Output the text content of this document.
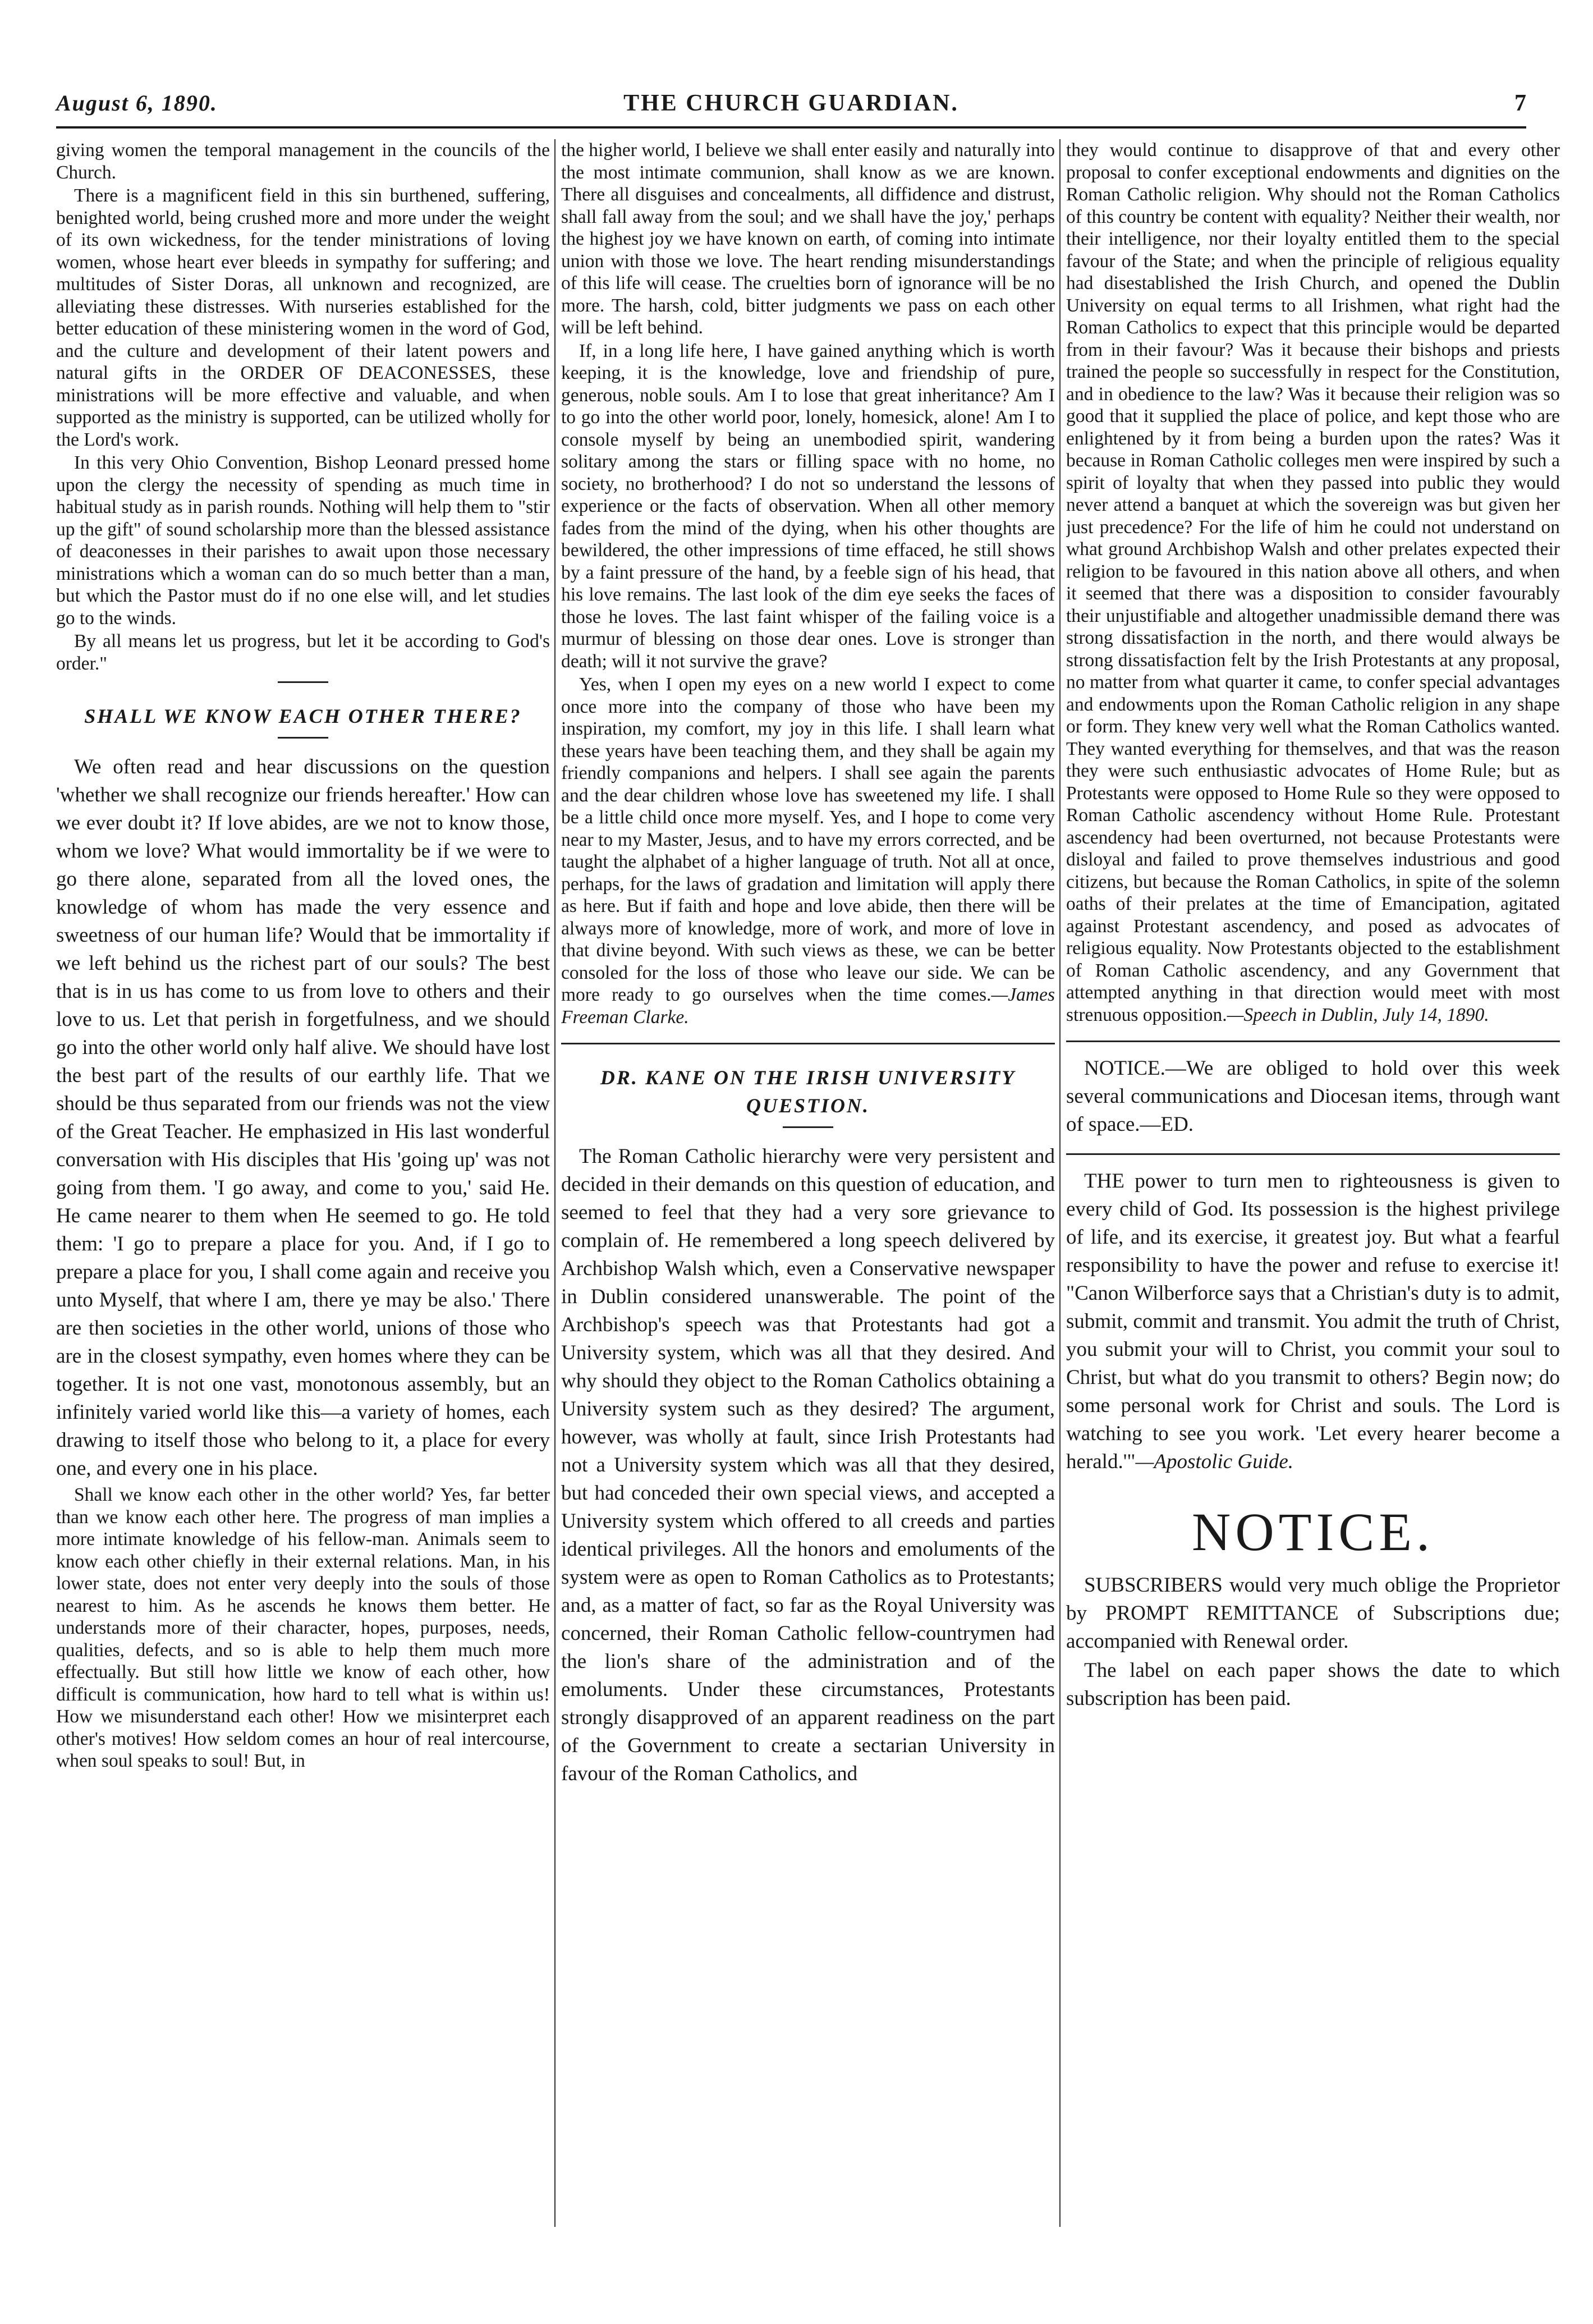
August 6, 1890.	THE CHURCH GUARDIAN.	7

giving women the temporal management in the councils of the Church.

There is a magnificent field in this sin burthened, suffering, benighted world, being crushed more and more under the weight of its own wickedness, for the tender ministrations of loving women, whose heart ever bleeds in sympathy for suffering; and multitudes of Sister Doras, all unknown and recognized, are alleviating these distresses. With nurseries established for the better education of these ministering women in the word of God, and the culture and development of their latent powers and natural gifts in the ORDER OF DEACONESSES, these ministrations will be more effective and valuable, and when supported as the ministry is supported, can be utilized wholly for the Lord's work.

In this very Ohio Convention, Bishop Leonard pressed home upon the clergy the necessity of spending as much time in habitual study as in parish rounds. Nothing will help them to "stir up the gift" of sound scholarship more than the blessed assistance of deaconesses in their parishes to await upon those necessary ministrations which a woman can do so much better than a man, but which the Pastor must do if no one else will, and let studies go to the winds.

By all means let us progress, but let it be according to God's order."

SHALL WE KNOW EACH OTHER THERE?

We often read and hear discussions on the question 'whether we shall recognize our friends hereafter.' How can we ever doubt it? If love abides, are we not to know those, whom we love? What would immortality be if we were to go there alone, separated from all the loved ones, the knowledge of whom has made the very essence and sweetness of our human life? Would that be immortality if we left behind us the richest part of our souls? The best that is in us has come to us from love to others and their love to us. Let that perish in forgetfulness, and we should go into the other world only half alive. We should have lost the best part of the results of our earthly life. That we should be thus separated from our friends was not the view of the Great Teacher. He emphasized in His last wonderful conversation with His disciples that His 'going up' was not going from them. 'I go away, and come to you,' said He. He came nearer to them when He seemed to go. He told them: 'I go to prepare a place for you. And, if I go to prepare a place for you, I shall come again and receive you unto Myself, that where I am, there ye may be also.' There are then societies in the other world, unions of those who are in the closest sympathy, even homes where they can be together. It is not one vast, monotonous assembly, but an infinitely varied world like this—a variety of homes, each drawing to itself those who belong to it, a place for every one, and every one in his place.

Shall we know each other in the other world? Yes, far better than we know each other here. The progress of man implies a more intimate knowledge of his fellow-man. Animals seem to know each other chiefly in their external relations. Man, in his lower state, does not enter very deeply into the souls of those nearest to him. As he ascends he knows them better. He understands more of their character, hopes, purposes, needs, qualities, defects, and so is able to help them much more effectually. But still how little we know of each other, how difficult is communication, how hard to tell what is within us! How we misunderstand each other! How we misinterpret each other's motives! How seldom comes an hour of real intercourse, when soul speaks to soul! But, in

the higher world, I believe we shall enter easily and naturally into the most intimate communion, shall know as we are known. There all disguises and concealments, all diffidence and distrust, shall fall away from the soul; and we shall have the joy,' perhaps the highest joy we have known on earth, of coming into intimate union with those we love. The heart rending misunderstandings of this life will cease. The cruelties born of ignorance will be no more. The harsh, cold, bitter judgments we pass on each other will be left behind.

If, in a long life here, I have gained anything which is worth keeping, it is the knowledge, love and friendship of pure, generous, noble souls. Am I to lose that great inheritance? Am I to go into the other world poor, lonely, homesick, alone! Am I to console myself by being an unembodied spirit, wandering solitary among the stars or filling space with no home, no society, no brotherhood? I do not so understand the lessons of experience or the facts of observation. When all other memory fades from the mind of the dying, when his other thoughts are bewildered, the other impressions of time effaced, he still shows by a faint pressure of the hand, by a feeble sign of his head, that his love remains. The last look of the dim eye seeks the faces of those he loves. The last faint whisper of the failing voice is a murmur of blessing on those dear ones. Love is stronger than death; will it not survive the grave?

Yes, when I open my eyes on a new world I expect to come once more into the company of those who have been my inspiration, my comfort, my joy in this life. I shall learn what these years have been teaching them, and they shall be again my friendly companions and helpers. I shall see again the parents and the dear children whose love has sweetened my life. I shall be a little child once more myself. Yes, and I hope to come very near to my Master, Jesus, and to have my errors corrected, and be taught the alphabet of a higher language of truth. Not all at once, perhaps, for the laws of gradation and limitation will apply there as here. But if faith and hope and love abide, then there will be always more of knowledge, more of work, and more of love in that divine beyond. With such views as these, we can be better consoled for the loss of those who leave our side. We can be more ready to go ourselves when the time comes.—James Freeman Clarke.

DR. KANE ON THE IRISH UNIVERSITY QUESTION.

The Roman Catholic hierarchy were very persistent and decided in their demands on this question of education, and seemed to feel that they had a very sore grievance to complain of. He remembered a long speech delivered by Archbishop Walsh which, even a Conservative newspaper in Dublin considered unanswerable. The point of the Archbishop's speech was that Protestants had got a University system, which was all that they desired. And why should they object to the Roman Catholics obtaining a University system such as they desired? The argument, however, was wholly at fault, since Irish Protestants had not a University system which was all that they desired, but had conceded their own special views, and accepted a University system which offered to all creeds and parties identical privileges. All the honors and emoluments of the system were as open to Roman Catholics as to Protestants; and, as a matter of fact, so far as the Royal University was concerned, their Roman Catholic fellow-countrymen had the lion's share of the administration and of the emoluments. Under these circumstances, Protestants strongly disapproved of an apparent readiness on the part of the Government to create a sectarian University in favour of the Roman Catholics, and

they would continue to disapprove of that and every other proposal to confer exceptional endowments and dignities on the Roman Catholic religion. Why should not the Roman Catholics of this country be content with equality? Neither their wealth, nor their intelligence, nor their loyalty entitled them to the special favour of the State; and when the principle of religious equality had disestablished the Irish Church, and opened the Dublin University on equal terms to all Irishmen, what right had the Roman Catholics to expect that this principle would be departed from in their favour? Was it because their bishops and priests trained the people so successfully in respect for the Constitution, and in obedience to the law? Was it because their religion was so good that it supplied the place of police, and kept those who are enlightened by it from being a burden upon the rates? Was it because in Roman Catholic colleges men were inspired by such a spirit of loyalty that when they passed into public they would never attend a banquet at which the sovereign was but given her just precedence? For the life of him he could not understand on what ground Archbishop Walsh and other prelates expected their religion to be favoured in this nation above all others, and when it seemed that there was a disposition to consider favourably their unjustifiable and altogether unadmissible demand there was strong dissatisfaction in the north, and there would always be strong dissatisfaction felt by the Irish Protestants at any proposal, no matter from what quarter it came, to confer special advantages and endowments upon the Roman Catholic religion in any shape or form. They knew very well what the Roman Catholics wanted. They wanted everything for themselves, and that was the reason they were such enthusiastic advocates of Home Rule; but as Protestants were opposed to Home Rule so they were opposed to Roman Catholic ascendency without Home Rule. Protestant ascendency had been overturned, not because Protestants were disloyal and failed to prove themselves industrious and good citizens, but because the Roman Catholics, in spite of the solemn oaths of their prelates at the time of Emancipation, agitated against Protestant ascendency, and posed as advocates of religious equality. Now Protestants objected to the establishment of Roman Catholic ascendency, and any Government that attempted anything in that direction would meet with most strenuous opposition.—Speech in Dublin, July 14, 1890.

NOTICE.—We are obliged to hold over this week several communications and Diocesan items, through want of space.—ED.

THE power to turn men to righteousness is given to every child of God. Its possession is the highest privilege of life, and its exercise, it greatest joy. But what a fearful responsibility to have the power and refuse to exercise it! "Canon Wilberforce says that a Christian's duty is to admit, submit, commit and transmit. You admit the truth of Christ, you submit your will to Christ, you commit your soul to Christ, but what do you transmit to others? Begin now; do some personal work for Christ and souls. The Lord is watching to see you work. 'Let every hearer become a herald.'"—Apostolic Guide.

NOTICE.

SUBSCRIBERS would very much oblige the Proprietor by PROMPT REMITTANCE of Subscriptions due; accompanied with Renewal order.

The label on each paper shows the date to which subscription has been paid.
